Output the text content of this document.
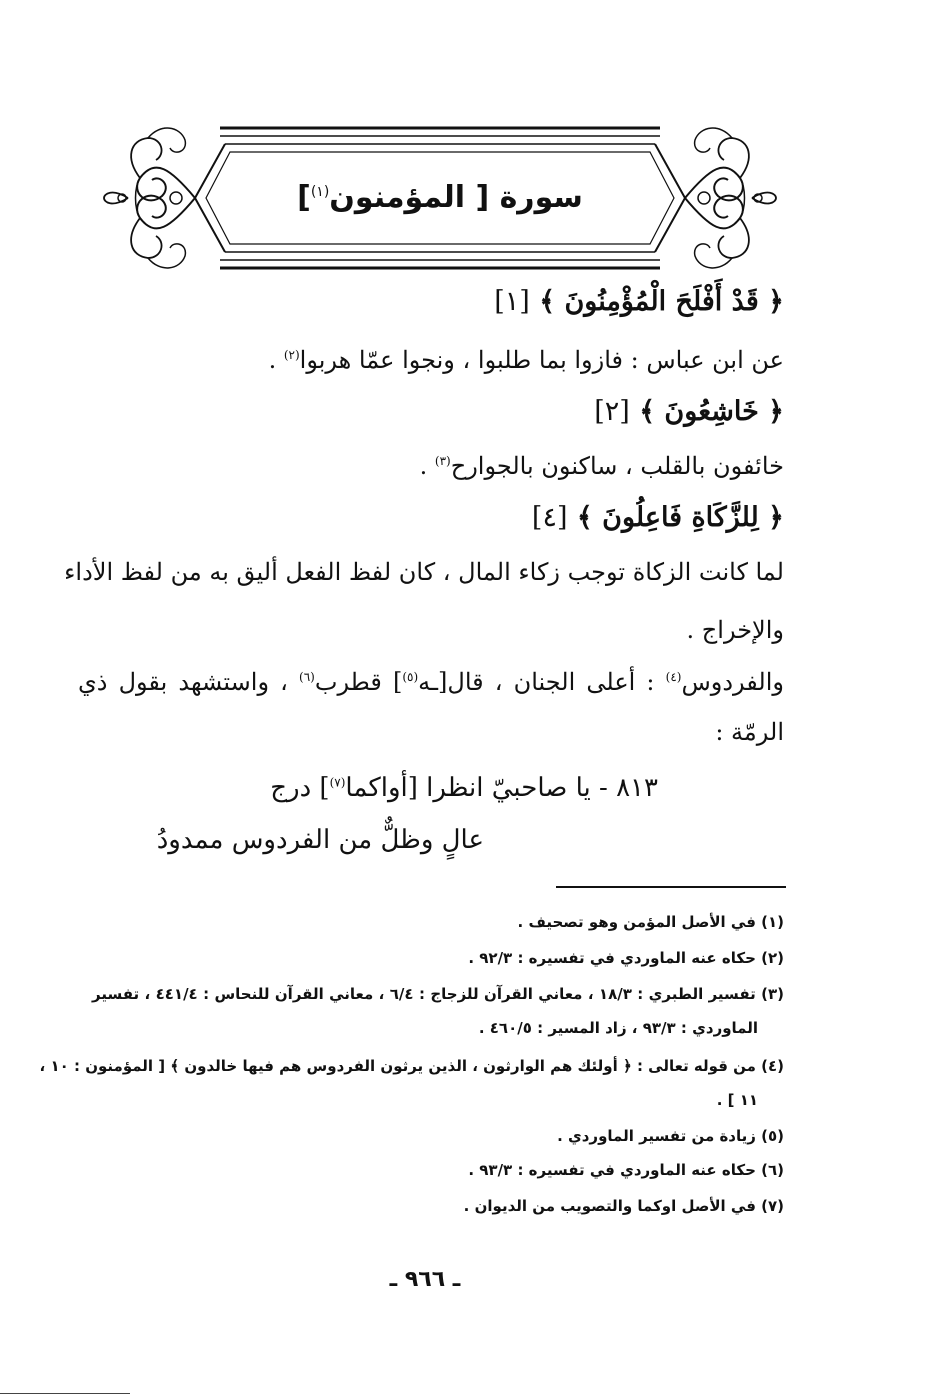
سورة [ المؤمنون$^{(١)}$]
﴿ قَدْ أَفْلَحَ الْمُؤْمِنُونَ ﴾ [١]
عن ابن عباس : فازوا بما طلبوا ، ونجوا عمّا هربوا$^{(٢)}$ .
﴿ خَاشِعُونَ ﴾ [٢]
خائفون بالقلب ، ساكنون بالجوارح$^{(٣)}$ .
﴿ لِلزَّكَاةِ فَاعِلُونَ ﴾ [٤]
لما كانت الزكاة توجب زكاء المال ، كان لفظ الفعل أليق به من لفظ الأداء
والإخراج .
والفردوس$^{(٤)}$ : أعلى الجنان ، قال[ـه$^{(٥)}$] قطرب$^{(٦)}$ ، واستشهد بقول ذي
الرمّة :
٨١٣ - يا صاحبيّ انظرا [أواكما$^{(٧)}$] درج
عالٍ وظلٌّ من الفردوس ممدودُ
(١) في الأصل المؤمن وهو تصحيف .
(٢) حكاه عنه الماوردي في تفسيره : ٩٢/٣ .
(٣) تفسير الطبري : ١٨/٣ ، معاني القرآن للزجاج : ٦/٤ ، معاني القرآن للنحاس : ٤٤١/٤ ، تفسير
الماوردي : ٩٣/٣ ، زاد المسير : ٤٦٠/٥ .
(٤) من قوله تعالى : ﴿ أولئك هم الوارثون ، الذين يرثون الفردوس هم فيها خالدون ﴾ [ المؤمنون : ١٠ ،
١١ ] .
(٥) زيادة من تفسير الماوردي .
(٦) حكاه عنه الماوردي في تفسيره : ٩٣/٣ .
(٧) في الأصل اوكما والتصويب من الديوان .
ـ ٩٦٦ ـ
